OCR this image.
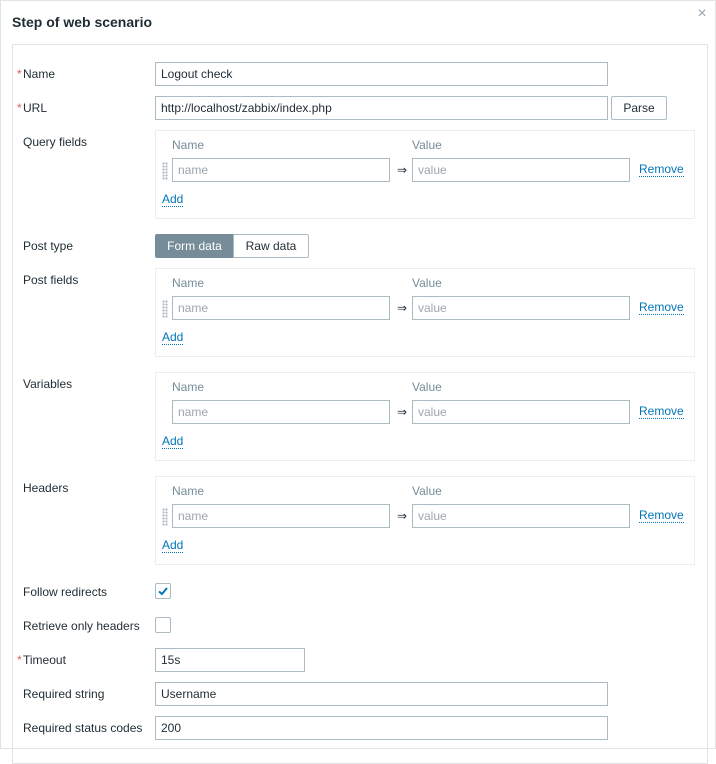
Step of web scenario	×
* Name
Logout check
* URL
http://localhost/zabbix/index.php	Parse
Query fields	Name	Value
name	⇒ value	Remove
Add
Post type	Form data	Raw data
Post fields	Name	Value
name	⇒ value	Remove
Add
Variables	Name	Value
name	⇒ value	Remove
Add
Headers	Name	Value
name	⇒ value	Remove
Add
Follow redirects
Retrieve only headers
* Timeout
15s
Required string
Username
Required status codes
200
